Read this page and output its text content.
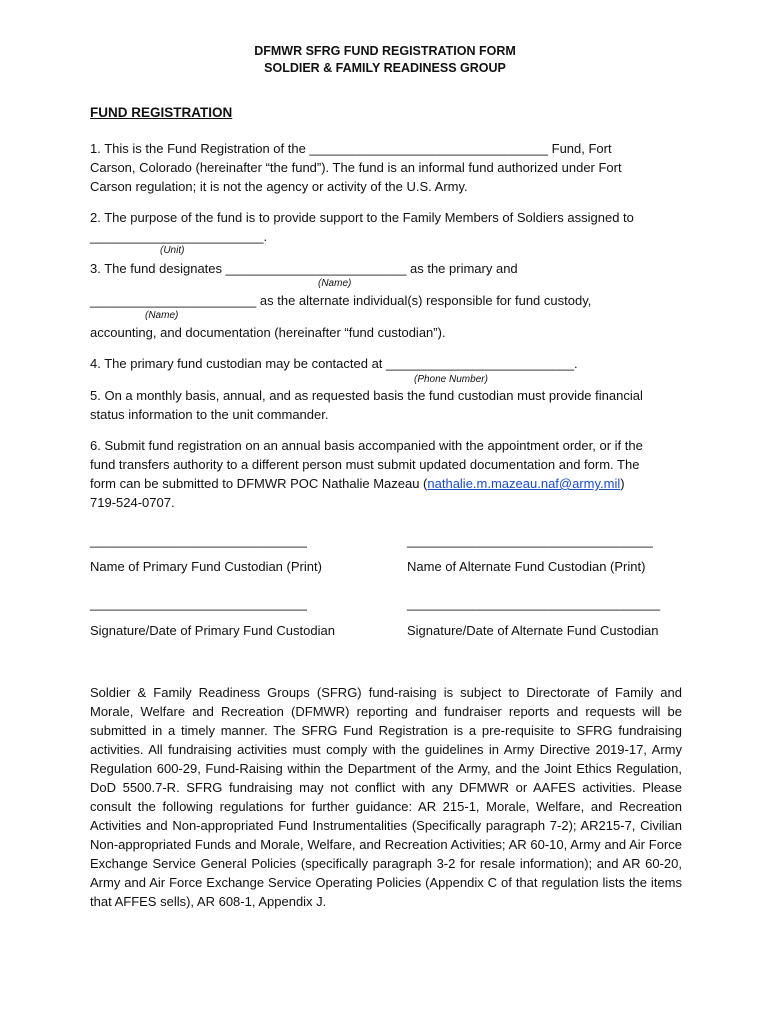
DFMWR SFRG FUND REGISTRATION FORM
SOLDIER & FAMILY READINESS GROUP
FUND REGISTRATION
1. This is the Fund Registration of the _________________________________ Fund, Fort
Carson, Colorado (hereinafter “the fund”). The fund is an informal fund authorized under Fort
Carson regulation; it is not the agency or activity of the U.S. Army.
2. The purpose of the fund is to provide support to the Family Members of Soldiers assigned to
________________________.
(Unit)
3. The fund designates _________________________ as the primary and
(Name)
_______________________ as the alternate individual(s) responsible for fund custody,
(Name)
accounting, and documentation (hereinafter “fund custodian”).
4. The primary fund custodian may be contacted at __________________________.
(Phone Number)
5. On a monthly basis, annual, and as requested basis the fund custodian must provide financial
status information to the unit commander.
6. Submit fund registration on an annual basis accompanied with the appointment order, or if the
fund transfers authority to a different person must submit updated documentation and form. The
form can be submitted to DFMWR POC Nathalie Mazeau (nathalie.m.mazeau.naf@army.mil)
719-524-0707.
______________________________	__________________________________
Name of Primary Fund Custodian (Print)	Name of Alternate Fund Custodian (Print)
______________________________	___________________________________
Signature/Date of Primary Fund Custodian	Signature/Date of Alternate Fund Custodian
Soldier & Family Readiness Groups (SFRG) fund-raising is subject to Directorate of Family and Morale, Welfare and Recreation (DFMWR) reporting and fundraiser reports and requests will be submitted in a timely manner. The SFRG Fund Registration is a pre-requisite to SFRG fundraising activities. All fundraising activities must comply with the guidelines in Army Directive 2019-17, Army Regulation 600-29, Fund-Raising within the Department of the Army, and the Joint Ethics Regulation, DoD 5500.7-R. SFRG fundraising may not conflict with any DFMWR or AAFES activities. Please consult the following regulations for further guidance: AR 215-1, Morale, Welfare, and Recreation Activities and Non-appropriated Fund Instrumentalities (Specifically paragraph 7-2); AR215-7, Civilian Non-appropriated Funds and Morale, Welfare, and Recreation Activities; AR 60-10, Army and Air Force Exchange Service General Policies (specifically paragraph 3-2 for resale information); and AR 60-20, Army and Air Force Exchange Service Operating Policies (Appendix C of that regulation lists the items that AFFES sells), AR 608-1, Appendix J.
